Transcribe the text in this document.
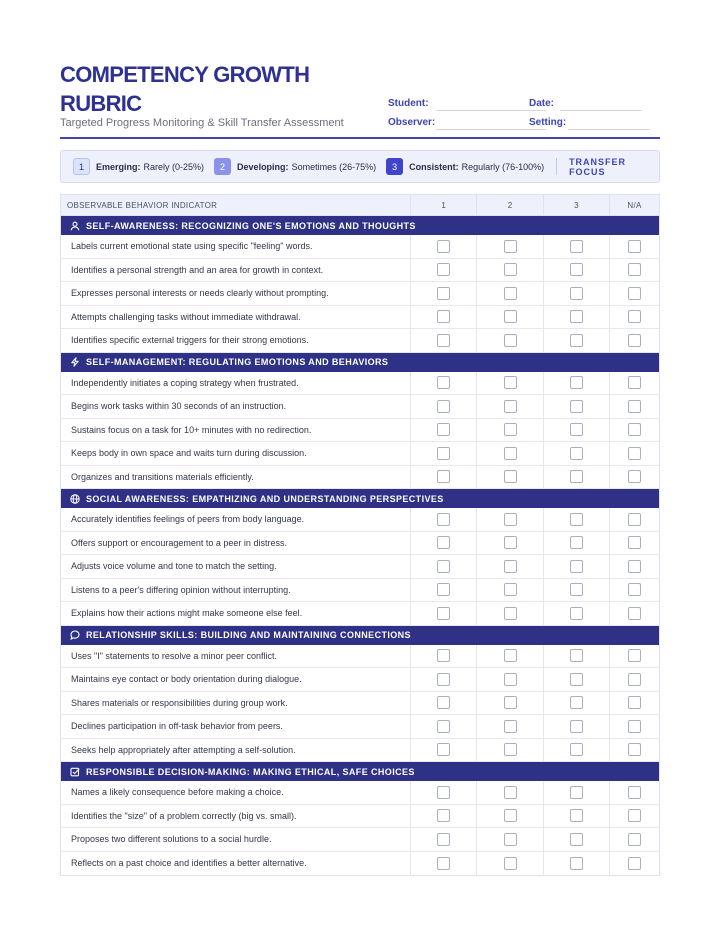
COMPETENCY GROWTH RUBRIC
Targeted Progress Monitoring & Skill Transfer Assessment
Student:	Date:
Observer:	Setting:
1	Emerging: Rarely (0-25%)	2	Developing: Sometimes (26-75%)	3	Consistent: Regularly (76-100%)	TRANSFER FOCUS
OBSERVABLE BEHAVIOR INDICATOR	1	2	3	N/A
SELF-AWARENESS: RECOGNIZING ONE'S EMOTIONS AND THOUGHTS
Labels current emotional state using specific "feeling" words.
Identifies a personal strength and an area for growth in context.
Expresses personal interests or needs clearly without prompting.
Attempts challenging tasks without immediate withdrawal.
Identifies specific external triggers for their strong emotions.
SELF-MANAGEMENT: REGULATING EMOTIONS AND BEHAVIORS
Independently initiates a coping strategy when frustrated.
Begins work tasks within 30 seconds of an instruction.
Sustains focus on a task for 10+ minutes with no redirection.
Keeps body in own space and waits turn during discussion.
Organizes and transitions materials efficiently.
SOCIAL AWARENESS: EMPATHIZING AND UNDERSTANDING PERSPECTIVES
Accurately identifies feelings of peers from body language.
Offers support or encouragement to a peer in distress.
Adjusts voice volume and tone to match the setting.
Listens to a peer's differing opinion without interrupting.
Explains how their actions might make someone else feel.
RELATIONSHIP SKILLS: BUILDING AND MAINTAINING CONNECTIONS
Uses "I" statements to resolve a minor peer conflict.
Maintains eye contact or body orientation during dialogue.
Shares materials or responsibilities during group work.
Declines participation in off-task behavior from peers.
Seeks help appropriately after attempting a self-solution.
RESPONSIBLE DECISION-MAKING: MAKING ETHICAL, SAFE CHOICES
Names a likely consequence before making a choice.
Identifies the "size" of a problem correctly (big vs. small).
Proposes two different solutions to a social hurdle.
Reflects on a past choice and identifies a better alternative.
